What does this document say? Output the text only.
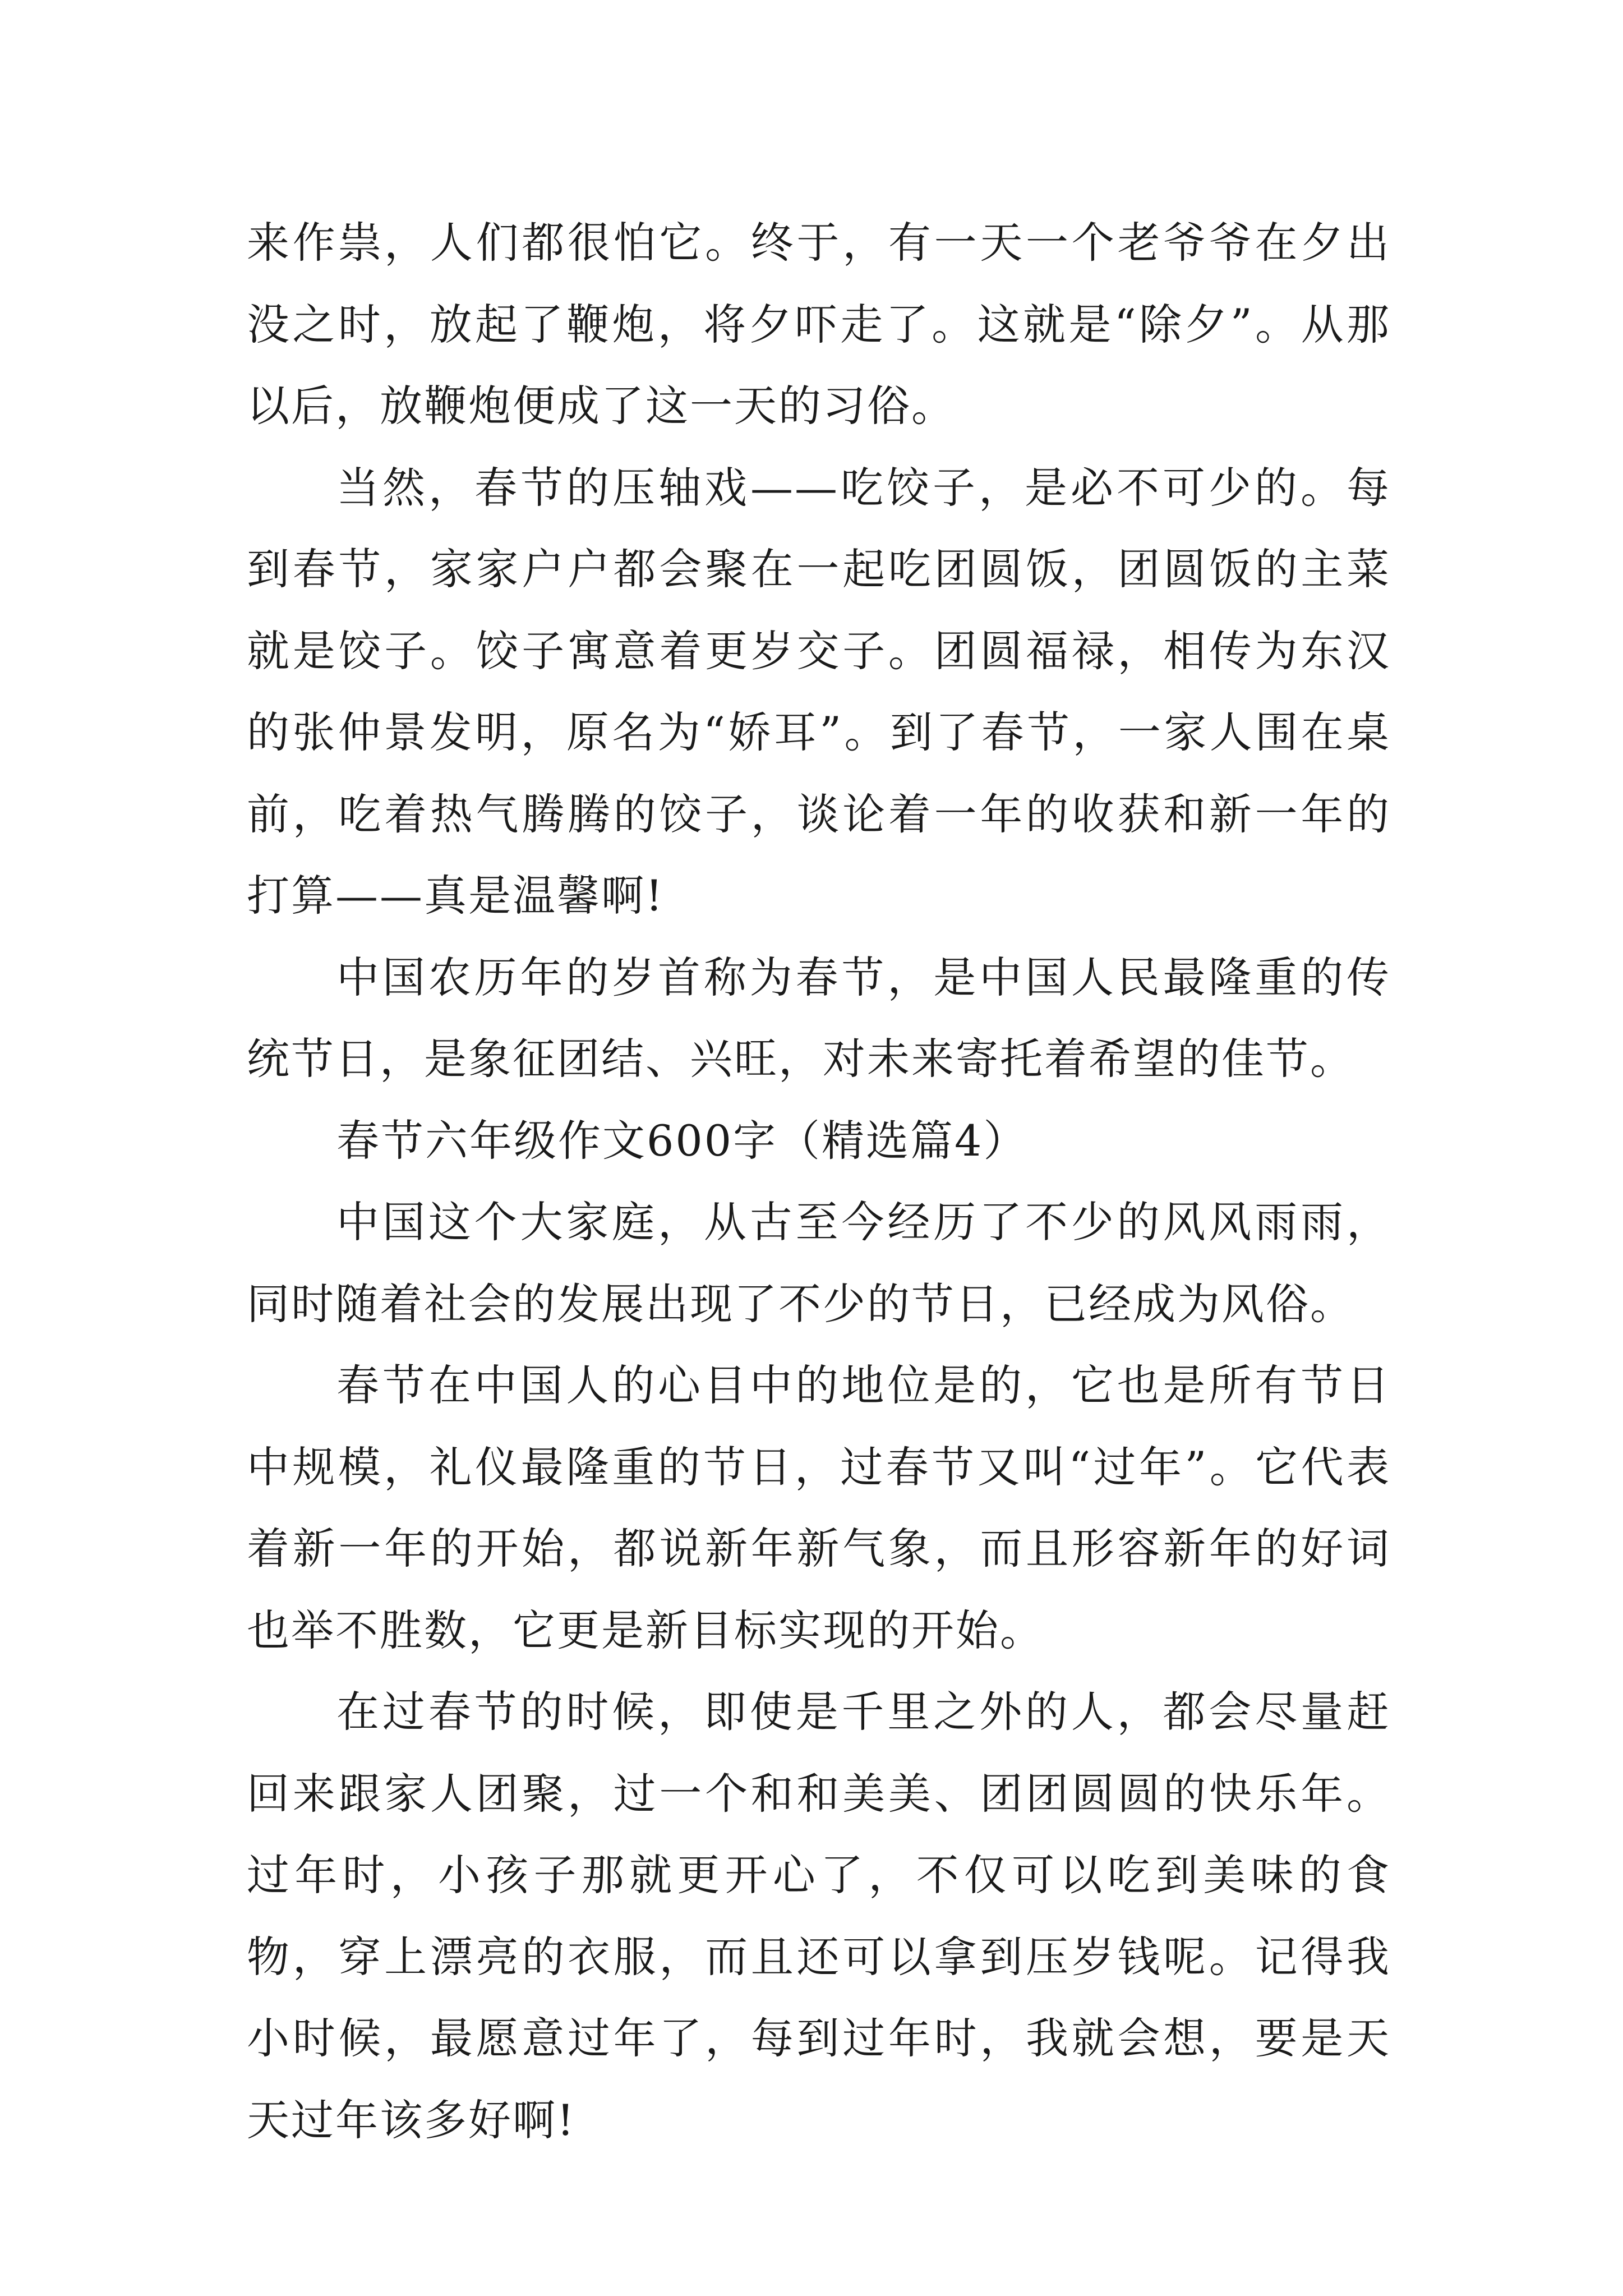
来作祟，人们都很怕它。终于，有一天一个老爷爷在夕出没之时，放起了鞭炮，将夕吓走了。这就是“除夕”。从那以后，放鞭炮便成了这一天的习俗。

当然，春节的压轴戏——吃饺子，是必不可少的。每到春节，家家户户都会聚在一起吃团圆饭，团圆饭的主菜就是饺子。饺子寓意着更岁交子。团圆福禄，相传为东汉的张仲景发明，原名为“娇耳”。到了春节，一家人围在桌前，吃着热气腾腾的饺子，谈论着一年的收获和新一年的打算——真是温馨啊!

中国农历年的岁首称为春节，是中国人民最隆重的传统节日，是象征团结、兴旺，对未来寄托着希望的佳节。

春节六年级作文600字（精选篇4）

中国这个大家庭，从古至今经历了不少的风风雨雨，同时随着社会的发展出现了不少的节日，已经成为风俗。

春节在中国人的心目中的地位是的，它也是所有节日中规模，礼仪最隆重的节日，过春节又叫“过年”。它代表着新一年的开始，都说新年新气象，而且形容新年的好词也举不胜数，它更是新目标实现的开始。

在过春节的时候，即使是千里之外的人，都会尽量赶回来跟家人团聚，过一个和和美美、团团圆圆的快乐年。过年时，小孩子那就更开心了，不仅可以吃到美味的食物，穿上漂亮的衣服，而且还可以拿到压岁钱呢。记得我小时候，最愿意过年了，每到过年时，我就会想，要是天天过年该多好啊!
